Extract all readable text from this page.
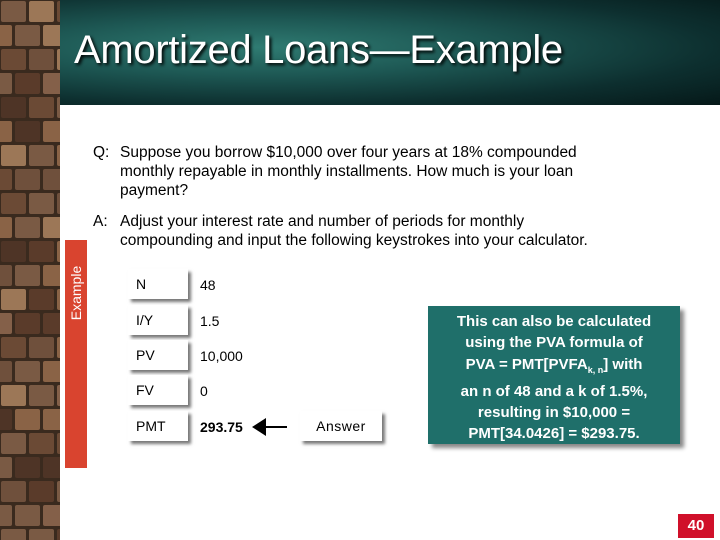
Amortized Loans—Example
Example
Q: Suppose you borrow $10,000 over four years at 18% compounded
monthly repayable in monthly installments. How much is your loan
payment?
A: Adjust your interest rate and number of periods for monthly
compounding and input the following keystrokes into your calculator.
N	48
I/Y	1.5
PV	10,000
FV	0
PMT 293.75	Answer
This can also be calculated
using the PVA formula of
PVA = $PMT[PVFA_{k, n}]$ with
an n of 48 and a k of 1.5%,
resulting in $10,000 =
PMT[34.0426] = $293.75.
40
